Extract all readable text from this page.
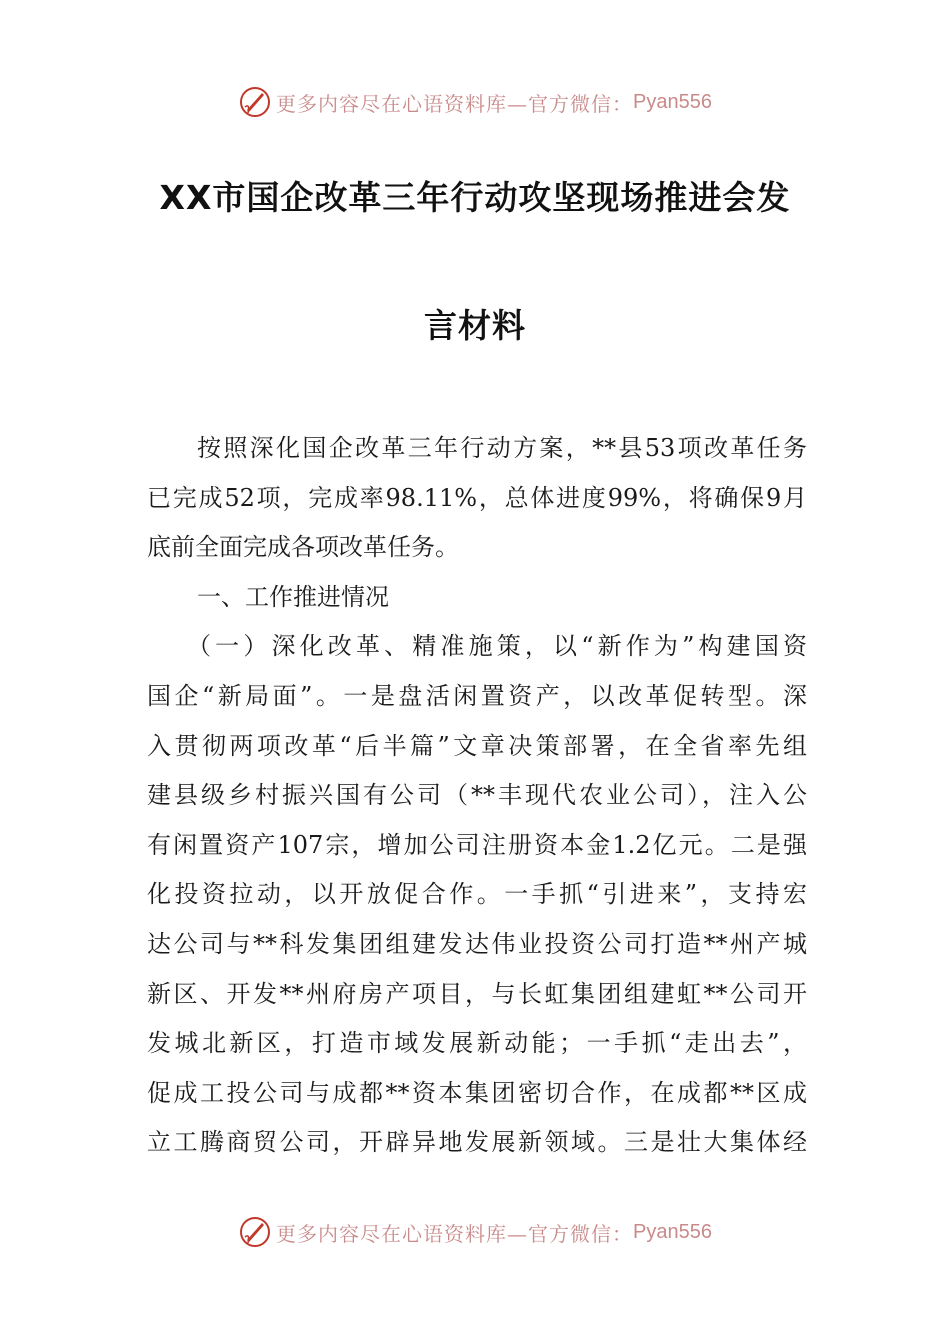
更多内容尽在心语资料库—官方微信： Pyan556
XX市国企改革三年行动攻坚现场推进会发
言材料
按照深化国企改革三年行动方案，**县53项改革任务
已完成52项，完成率98.11%，总体进度99%，将确保9月
底前全面完成各项改革任务。
一、工作推进情况
（一）深化改革、精准施策，以“新作为”构建国资
国企“新局面”。一是盘活闲置资产，以改革促转型。深
入贯彻两项改革“后半篇”文章决策部署，在全省率先组
建县级乡村振兴国有公司（**丰现代农业公司），注入公
有闲置资产107宗，增加公司注册资本金1.2亿元。二是强
化投资拉动，以开放促合作。一手抓“引进来”，支持宏
达公司与**科发集团组建发达伟业投资公司打造**州产城
新区、开发**州府房产项目，与长虹集团组建虹**公司开
发城北新区，打造市域发展新动能；一手抓“走出去”，
促成工投公司与成都**资本集团密切合作，在成都**区成
立工腾商贸公司，开辟异地发展新领域。三是壮大集体经
更多内容尽在心语资料库—官方微信： Pyan556
